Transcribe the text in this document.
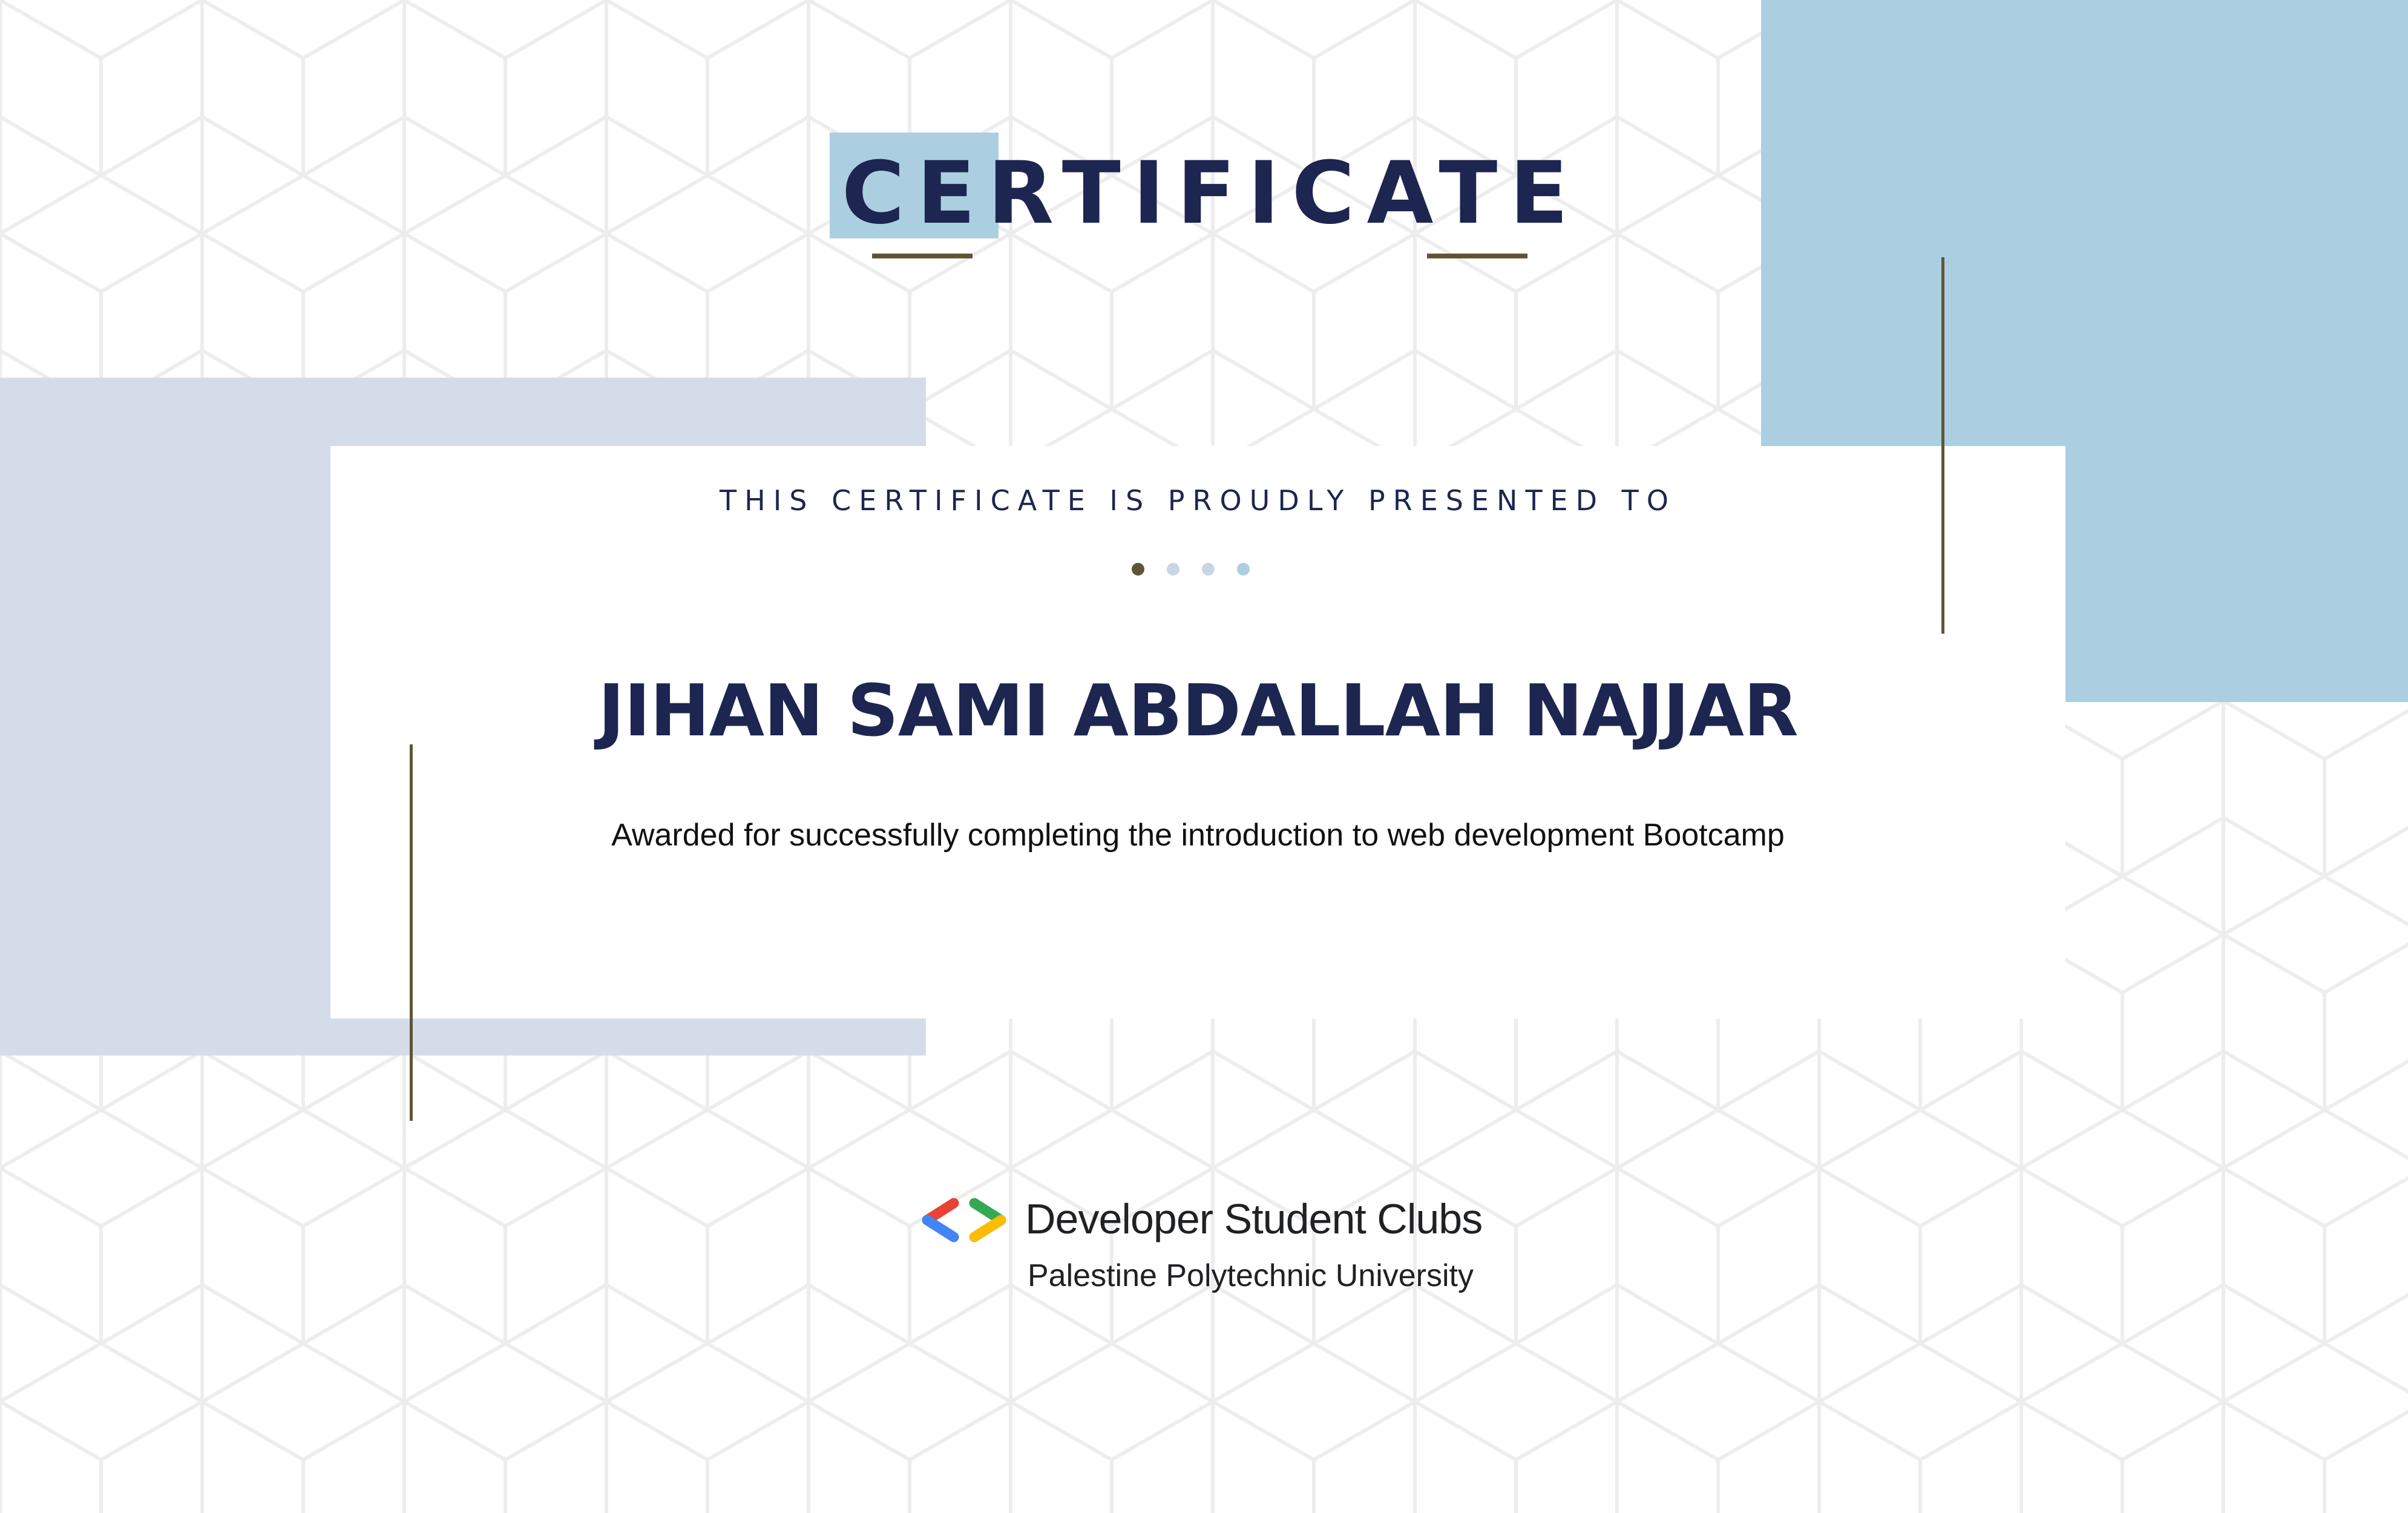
CERTIFICATE
THIS CERTIFICATE IS PROUDLY PRESENTED TO
JIHAN SAMI ABDALLAH NAJJAR
Awarded for successfully completing the introduction to web development Bootcamp
Developer Student Clubs
Palestine Polytechnic University
